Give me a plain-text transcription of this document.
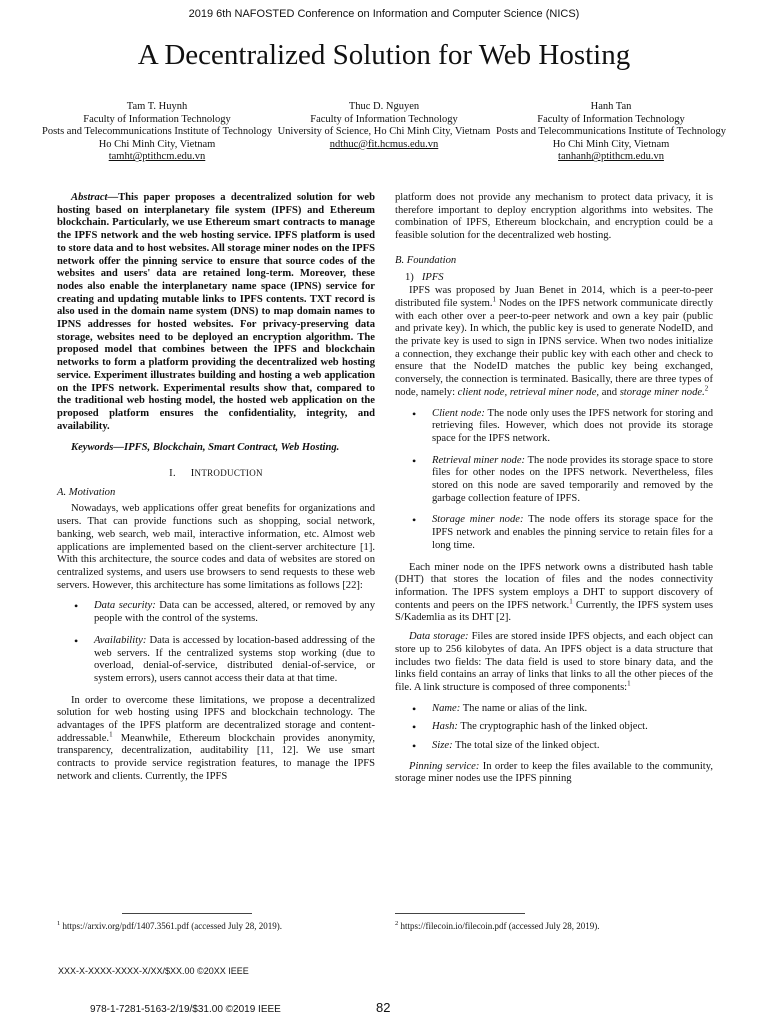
2019 6th NAFOSTED Conference on Information and Computer Science (NICS)
A Decentralized Solution for Web Hosting
Tam T. Huynh
Faculty of Information Technology
Posts and Telecommunications Institute of Technology
Ho Chi Minh City, Vietnam
tamht@ptithcm.edu.vn
Thuc D. Nguyen
Faculty of Information Technology
University of Science, Ho Chi Minh City, Vietnam
ndthuc@fit.hcmus.edu.vn
Hanh Tan
Faculty of Information Technology
Posts and Telecommunications Institute of Technology
Ho Chi Minh City, Vietnam
tanhanh@ptithcm.edu.vn

Abstract—This paper proposes a decentralized solution for web hosting based on interplanetary file system (IPFS) and Ethereum blockchain. Particularly, we use Ethereum smart contracts to manage the IPFS network and the web hosting service. IPFS platform is used to store data and to host websites. All storage miner nodes on the IPFS network offer the pinning service to ensure that source codes of the websites and users' data are retained long-term. Moreover, these nodes also enable the interplanetary name space (IPNS) service for creating and updating mutable links to IPFS contents. TXT record is also used in the domain name system (DNS) to map domain names to IPNS addresses for hosted websites. For privacy-preserving data storage, websites need to be deployed an encryption algorithm. The proposed model that combines between the IPFS and blockchain networks to form a platform providing the decentralized web hosting service. Experiment illustrates building and hosting a web application on the IPFS network. Experimental results show that, compared to the traditional web hosting model, the hosted web application on the proposed platform ensures the confidentiality, integrity, and availability.

Keywords—IPFS, Blockchain, Smart Contract, Web Hosting.

I. INTRODUCTION
A. Motivation

Nowadays, web applications offer great benefits for organizations and users. That can provide functions such as shopping, social network, banking, web search, web mail, interactive information, etc. Almost web applications are implemented based on the client-server architecture [1]. With this architecture, the source codes and data of websites are stored on centralized systems, and users use browsers to send requests to these web servers. However, this architecture has some limitations as follows [22]:

• Data security: Data can be accessed, altered, or removed by any people with the control of the systems.
• Availability: Data is accessed by location-based addressing of the web servers. If the centralized systems stop working (due to overload, denial-of-service, distributed denial-of-service, or system errors), users cannot access their data at that time.

In order to overcome these limitations, we propose a decentralized solution for web hosting using IPFS and blockchain technology. The advantages of the IPFS platform are decentralized storage and content-addressable.$^1$ Meanwhile, Ethereum blockchain provides anonymity, transparency, decentralization, auditability [11, 12]. We use smart contracts to provide service registration features, to manage the IPFS network and clients. Currently, the IPFS

platform does not provide any mechanism to protect data privacy, it is therefore important to deploy encryption algorithms into websites. The combination of IPFS, Ethereum blockchain, and encryption could be a feasible solution for the decentralized web hosting.

B. Foundation
1) IPFS

IPFS was proposed by Juan Benet in 2014, which is a peer-to-peer distributed file system.$^1$ Nodes on the IPFS network communicate directly with each other over a peer-to-peer network and own a key pair (public and private key). In which, the public key is used to generate NodeID, and the private key is used to sign in IPNS service. When two nodes initialize a connection, they exchange their public key with each other and check to ensure that the NodeID matches the public key being exchanged, conversely, the connection is terminated. Basically, there are three types of node, namely: client node, retrieval miner node, and storage miner node.$^2$

• Client node: The node only uses the IPFS network for storing and retrieving files. However, which does not provide its storage space for the IPFS network.
• Retrieval miner node: The node provides its storage space to store files for other nodes on the IPFS network. Nevertheless, files stored on this node are saved temporarily and removed by the garbage collection feature of IPFS.
• Storage miner node: The node offers its storage space for the IPFS network and enables the pinning service to retain files for a long time.

Each miner node on the IPFS network owns a distributed hash table (DHT) that stores the location of files and the nodes connectivity information. The IPFS system employs a DHT to support discovery of contents and peers on the IPFS network.$^1$ Currently, the IPFS system uses S/Kademlia as its DHT [2].

Data storage: Files are stored inside IPFS objects, and each object can store up to 256 kilobytes of data. An IPFS object is a data structure that includes two fields: The data field is used to store binary data, and the links field contains an array of links that links to all the other pieces of the file. A link structure is composed of three components:$^1$

• Name: The name or alias of the link.
• Hash: The cryptographic hash of the linked object.
• Size: The total size of the linked object.

Pinning service: In order to keep the files available to the community, storage miner nodes use the IPFS pinning

$^1$ https://arxiv.org/pdf/1407.3561.pdf (accessed July 28, 2019).	$^2$ https://filecoin.io/filecoin.pdf (accessed July 28, 2019).
XXX-X-XXXX-XXXX-X/XX/$XX.00 ©20XX IEEE
978-1-7281-5163-2/19/$31.00 ©2019 IEEE	82
